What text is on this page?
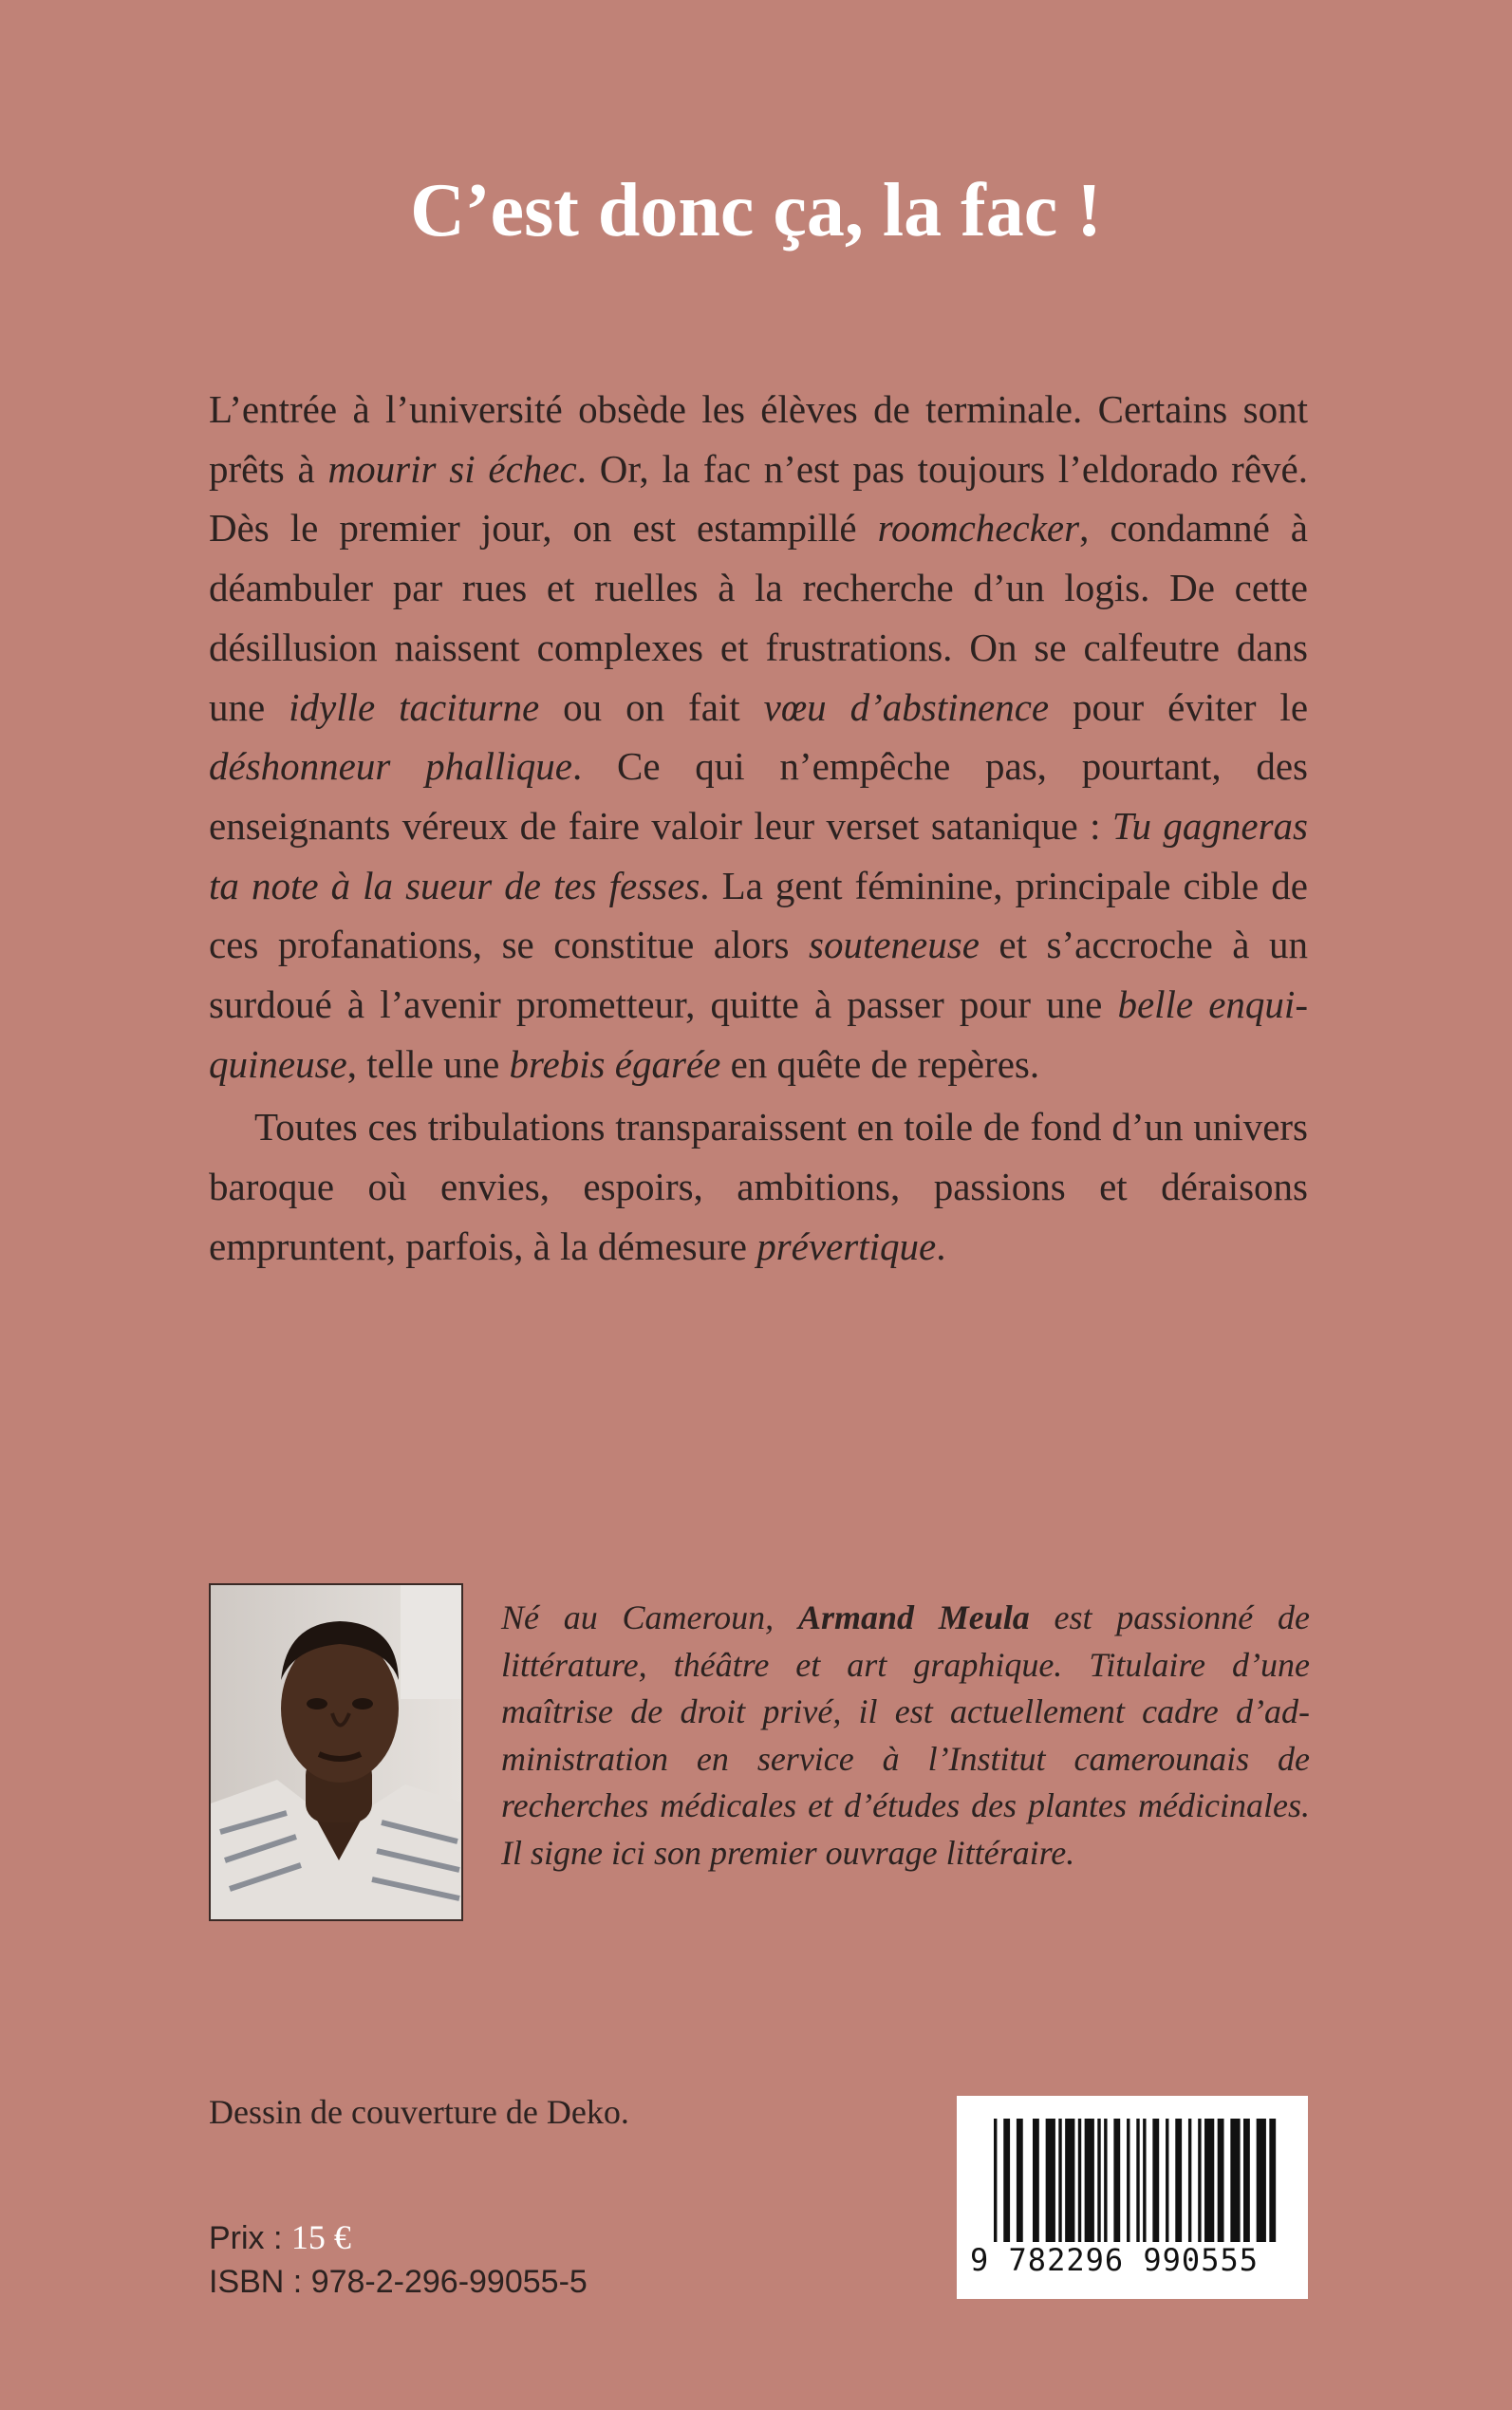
C’est donc ça, la fac !

L’entrée à l’université obsède les élèves de terminale. Certains sont prêts à mourir si échec. Or, la fac n’est pas toujours l’eldorado rêvé. Dès le premier jour, on est estampillé roomchecker, condamné à déambuler par rues et ruelles à la recherche d’un logis. De cette désillusion naissent complexes et frustrations. On se calfeutre dans une idylle taciturne ou on fait vœu d’abstinence pour éviter le déshonneur phallique. Ce qui n’empêche pas, pourtant, des enseignants véreux de faire valoir leur verset satanique : Tu gagneras ta note à la sueur de tes fesses. La gent féminine, principale cible de ces profanations, se constitue alors souteneuse et s’accroche à un surdoué à l’avenir prometteur, quitte à passer pour une belle enquiquineuse, telle une brebis égarée en quête de repères.

Toutes ces tribulations transparaissent en toile de fond d’un univers baroque où envies, espoirs, ambitions, passions et déraisons empruntent, parfois, à la démesure prévertique.

Né au Cameroun, Armand Meula est passionné de littérature, théâtre et art graphique. Titulaire d’une maîtrise de droit privé, il est actuellement cadre d’administration en service à l’Institut camerounais de recherches médicales et d’études des plantes médicinales. Il signe ici son premier ouvrage littéraire.

Dessin de couverture de Deko.
Prix : 15 €
ISBN : 978-2-296-99055-5
9 782296 990555
